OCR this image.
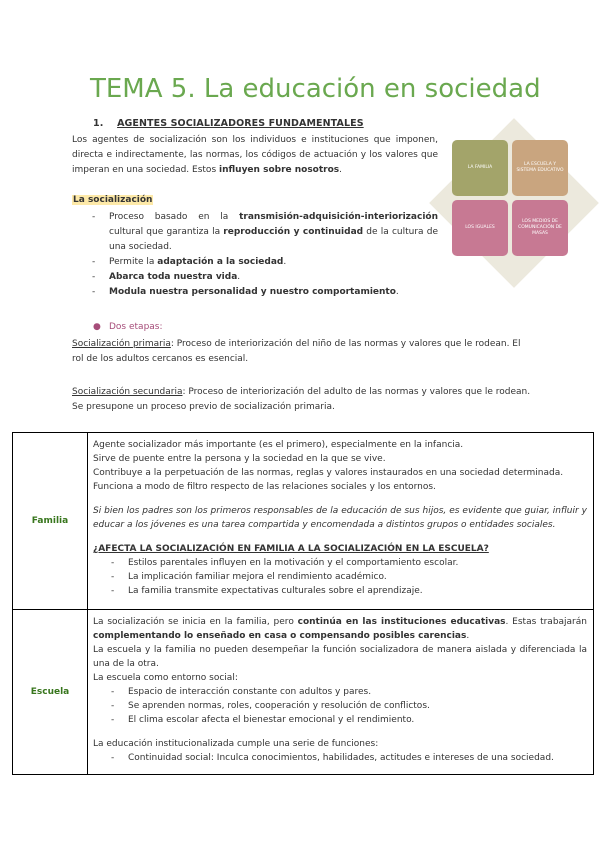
TEMA 5. La educación en sociedad
1. AGENTES SOCIALIZADORES FUNDAMENTALES
Los agentes de socialización son los individuos e instituciones que imponen, directa e indirectamente, las normas, los códigos de actuación y los valores que imperan en una sociedad. Estos influyen sobre nosotros.	LA FAMILIA
LA ESCUELA Y SISTEMA EDUCATIVO
LOS IGUALES
LOS MEDIOS DE COMUNICACIÓN DE MASAS
La socialización
- Proceso basado en la transmisión-adquisición-interiorización cultural que garantiza la reproducción y continuidad de la cultura de una sociedad.
- Permite la adaptación a la sociedad.
- Abarca toda nuestra vida.
- Modula nuestra personalidad y nuestro comportamiento.
● Dos etapas:
Socialización primaria: Proceso de interiorización del niño de las normas y valores que le rodean. El rol de los adultos cercanos es esencial.
Socialización secundaria: Proceso de interiorización del adulto de las normas y valores que le rodean. Se presupone un proceso previo de socialización primaria.
Familia
Agente socializador más importante (es el primero), especialmente en la infancia.
Sirve de puente entre la persona y la sociedad en la que se vive.
Contribuye a la perpetuación de las normas, reglas y valores instaurados en una sociedad determinada.
Funciona a modo de filtro respecto de las relaciones sociales y los entornos.
Si bien los padres son los primeros responsables de la educación de sus hijos, es evidente que guiar, influir y educar a los jóvenes es una tarea compartida y encomendada a distintos grupos o entidades sociales.
¿AFECTA LA SOCIALIZACIÓN EN FAMILIA A LA SOCIALIZACIÓN EN LA ESCUELA?
- Estilos parentales influyen en la motivación y el comportamiento escolar.
- La implicación familiar mejora el rendimiento académico.
- La familia transmite expectativas culturales sobre el aprendizaje.
Escuela
La socialización se inicia en la familia, pero continúa en las instituciones educativas. Estas trabajarán complementando lo enseñado en casa o compensando posibles carencias.
La escuela y la familia no pueden desempeñar la función socializadora de manera aislada y diferenciada la una de la otra.
La escuela como entorno social:
- Espacio de interacción constante con adultos y pares.
- Se aprenden normas, roles, cooperación y resolución de conflictos.
- El clima escolar afecta el bienestar emocional y el rendimiento.
La educación institucionalizada cumple una serie de funciones:
- Continuidad social: Inculca conocimientos, habilidades, actitudes e intereses de una sociedad.
